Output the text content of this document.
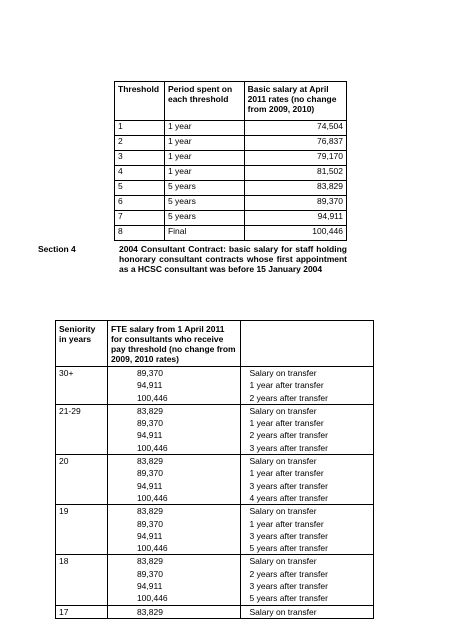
Threshold	Period spent on each threshold	Basic salary at April 2011 rates (no change from 2009, 2010)
1	1 year	74,504
2	1 year	76,837
3	1 year	79,170
4	1 year	81,502
5	5 years	83,829
6	5 years	89,370
7	5 years	94,911
8	Final	100,446
Section 4	2004 Consultant Contract: basic salary for staff holding honorary consultant contracts whose first appointment as a HCSC consultant was before 15 January 2004
Seniority in years	FTE salary from 1 April 2011 for consultants who receive pay threshold (no change from 2009, 2010 rates)	
30+	89,370	Salary on transfer
	94,911	1 year after transfer
	100,446	2 years after transfer
21-29	83,829	Salary on transfer
	89,370	1 year after transfer
	94,911	2 years after transfer
	100,446	3 years after transfer
20	83,829	Salary on transfer
	89,370	1 year after transfer
	94,911	3 years after transfer
	100,446	4 years after transfer
19	83,829	Salary on transfer
	89,370	1 year after transfer
	94,911	3 years after transfer
	100,446	5 years after transfer
18	83,829	Salary on transfer
	89,370	2 years after transfer
	94,911	3 years after transfer
	100,446	5 years after transfer
17	83,829	Salary on transfer
